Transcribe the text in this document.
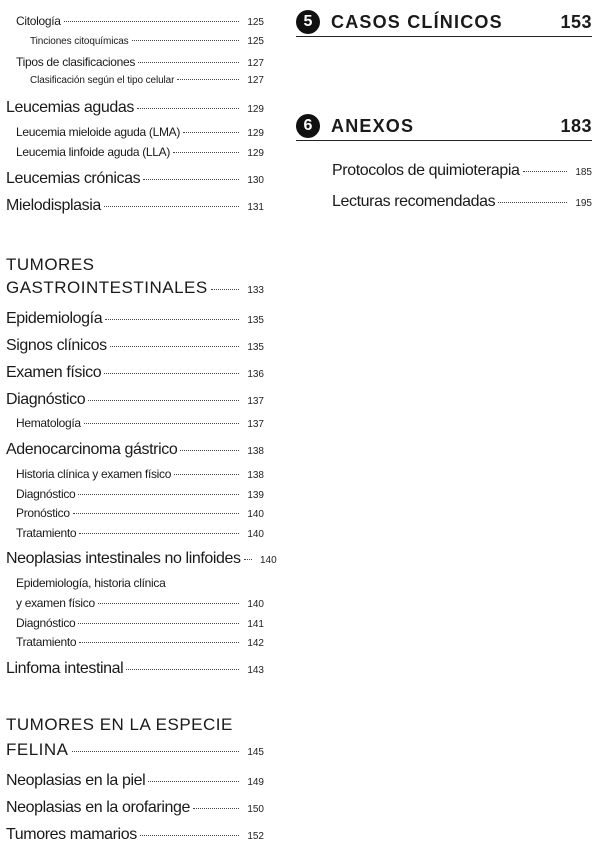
Citología	125
Tinciones citoquímicas	125
Tipos de clasificaciones	127
Clasificación según el tipo celular	127
Leucemias agudas	129
Leucemia mieloide aguda (LMA)	129
Leucemia linfoide aguda (LLA)	129
Leucemias crónicas	130
Mielodisplasia	131
TUMORES
GASTROINTESTINALES	133
Epidemiología	135
Signos clínicos	135
Examen físico	136
Diagnóstico	137
Hematología	137
Adenocarcinoma gástrico	138
Historia clínica y examen físico	138
Diagnóstico	139
Pronóstico	140
Tratamiento	140
Neoplasias intestinales no linfoides	140
Epidemiología, historia clínica
y examen físico	140
Diagnóstico	141
Tratamiento	142
Linfoma intestinal	143
TUMORES EN LA ESPECIE
FELINA	145
Neoplasias en la piel	149
Neoplasias en la orofaringe	150
Tumores mamarios	152
5	CASOS CLÍNICOS	153
6	ANEXOS	183
Protocolos de quimioterapia	185
Lecturas recomendadas	195
